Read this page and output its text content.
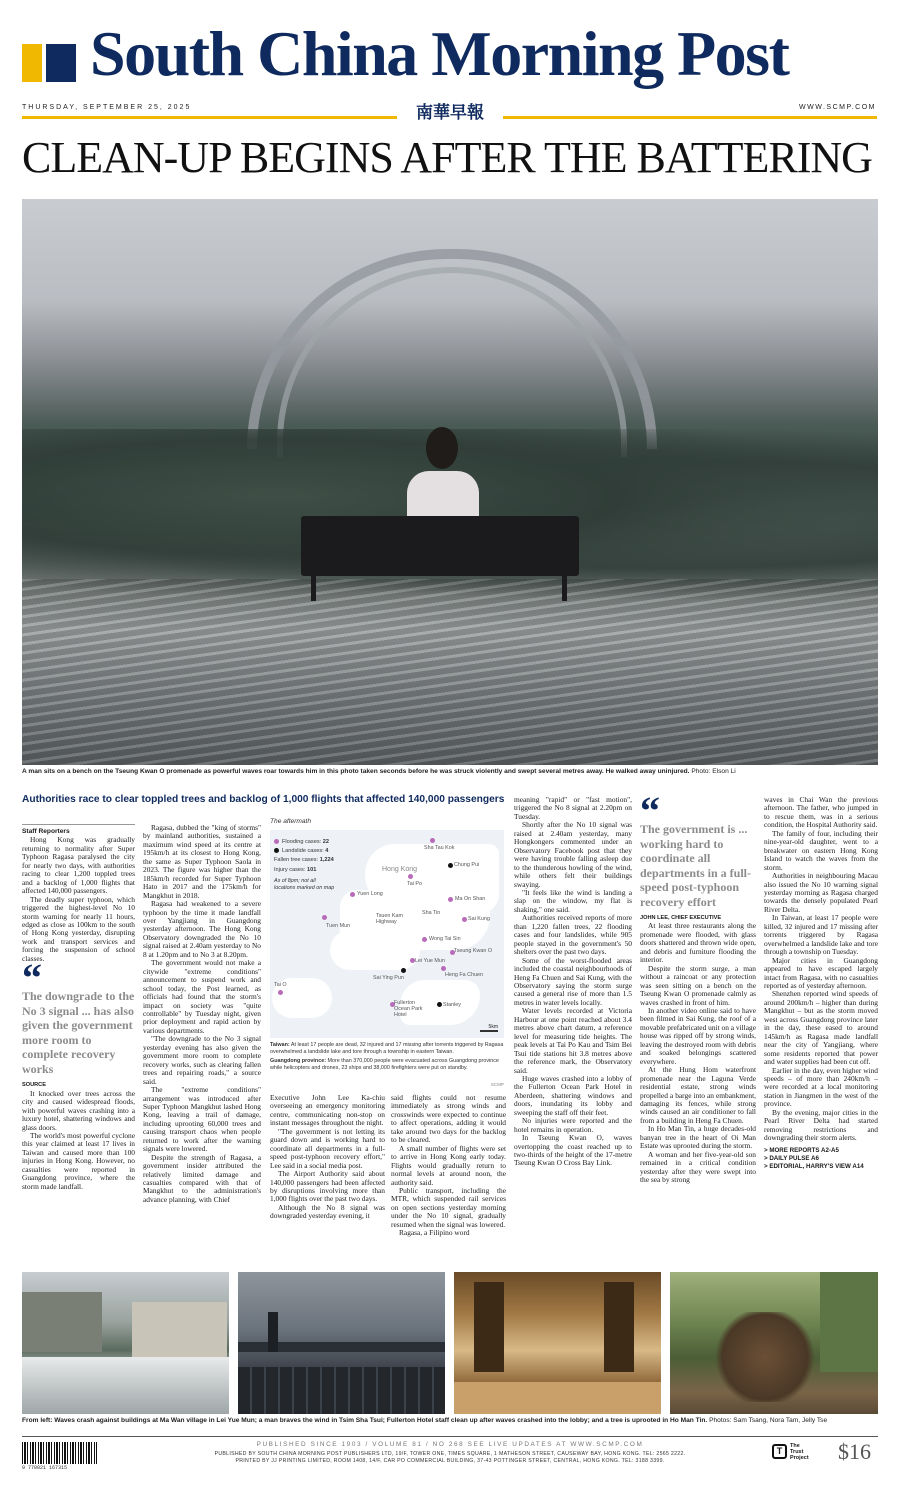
South China Morning Post
THURSDAY, SEPTEMBER 25, 2025	南華早報	WWW.SCMP.COM
CLEAN-UP BEGINS AFTER THE BATTERING
A man sits on a bench on the Tseung Kwan O promenade as powerful waves roar towards him in this photo taken seconds before he was struck violently and swept several metres away. He walked away uninjured. Photo: Elson Li
Authorities race to clear toppled trees and backlog of 1,000 flights that affected 140,000 passengers

Staff Reporters

Hong Kong was gradually returning to normality after Super Typhoon Ragasa paralysed the city for nearly two days, with authorities racing to clear 1,200 toppled trees and a backlog of 1,000 flights that affected 140,000 passengers.

The deadly super typhoon, which triggered the highest-level No 10 storm warning for nearly 11 hours, edged as close as 100km to the south of Hong Kong yesterday, disrupting work and transport services and forcing the suspension of school classes.

The downgrade to the No 3 signal ... has also given the government more room to complete recovery works

SOURCE

It knocked over trees across the city and caused widespread floods, with powerful waves crashing into a luxury hotel, shattering windows and glass doors.

The world's most powerful cyclone this year claimed at least 17 lives in Taiwan and caused more than 100 injuries in Hong Kong. However, no casualties were reported in Guangdong province, where the storm made landfall.

Ragasa, dubbed the "king of storms" by mainland authorities, sustained a maximum wind speed at its centre at 195km/h at its closest to Hong Kong, the same as Super Typhoon Saola in 2023. The figure was higher than the 185km/h recorded for Super Typhoon Hato in 2017 and the 175km/h for Mangkhut in 2018.

Ragasa had weakened to a severe typhoon by the time it made landfall over Yangjiang in Guangdong yesterday afternoon. The Hong Kong Observatory downgraded the No 10 signal raised at 2.40am yesterday to No 8 at 1.20pm and to No 3 at 8.20pm.

The government would not make a citywide "extreme conditions" announcement to suspend work and school today, the Post learned, as officials had found that the storm's impact on society was "quite controllable" by Tuesday night, given prior deployment and rapid action by various departments.

"The downgrade to the No 3 signal yesterday evening has also given the government more room to complete recovery works, such as clearing fallen trees and repairing roads," a source said.

The "extreme conditions" arrangement was introduced after Super Typhoon Mangkhut lashed Hong Kong, leaving a trail of damage, including uprooting 60,000 trees and causing transport chaos when people returned to work after the warning signals were lowered.

Despite the strength of Ragasa, a government insider attributed the relatively limited damage and casualties compared with that of Mangkhut to the administration's advance planning, with Chief

The aftermath
Flooding cases: 22
Landslide cases: 4
Fallen tree cases: 1,224
Injury cases: 101
As of 8pm; not all locations marked on map
Hong Kong
Sha Tau Kok
Chung Pui
Tai Po
Yuen Long
Ma On Shan
Tsuen Kam Highway
Tuen Mun
Sha Tin
Sai Kung
Wong Tai Sin
Tseung Kwan O
Lei Yue Mun
Heng Fa Chuen
Sai Ying Pun
Tai O
Fullerton Ocean Park Hotel
Stanley
5km
Taiwan: At least 17 people are dead, 32 injured and 17 missing after torrents triggered by Ragasa overwhelmed a landslide lake and tore through a township in eastern Taiwan.
Guangdong province: More than 370,000 people were evacuated across Guangdong province while helicopters and drones, 23 ships and 38,000 firefighters were put on standby.
SCMP

Executive John Lee Ka-chiu overseeing an emergency monitoring centre, communicating non-stop on instant messages throughout the night.

"The government is not letting its guard down and is working hard to coordinate all departments in a full-speed post-typhoon recovery effort," Lee said in a social media post.

The Airport Authority said about 140,000 passengers had been affected by disruptions involving more than 1,000 flights over the past two days.

Although the No 8 signal was downgraded yesterday evening, it

said flights could not resume immediately as strong winds and crosswinds were expected to continue to affect operations, adding it would take around two days for the backlog to be cleared.

A small number of flights were set to arrive in Hong Kong early today. Flights would gradually return to normal levels at around noon, the authority said.

Public transport, including the MTR, which suspended rail services on open sections yesterday morning under the No 10 signal, gradually resumed when the signal was lowered.

Ragasa, a Filipino word

meaning "rapid" or "fast motion", triggered the No 8 signal at 2.20pm on Tuesday.

Shortly after the No 10 signal was raised at 2.40am yesterday, many Hongkongers commented under an Observatory Facebook post that they were having trouble falling asleep due to the thunderous howling of the wind, while others felt their buildings swaying.

"It feels like the wind is landing a slap on the window, my flat is shaking," one said.

Authorities received reports of more than 1,220 fallen trees, 22 flooding cases and four landslides, while 905 people stayed in the government's 50 shelters over the past two days.

Some of the worst-flooded areas included the coastal neighbourhoods of Heng Fa Chuen and Sai Kung, with the Observatory saying the storm surge caused a general rise of more than 1.5 metres in water levels locally.

Water levels recorded at Victoria Harbour at one point reached about 3.4 metres above chart datum, a reference level for measuring tide heights. The peak levels at Tai Po Kau and Tsim Bei Tsui tide stations hit 3.8 metres above the reference mark, the Observatory said.

Huge waves crashed into a lobby of the Fullerton Ocean Park Hotel in Aberdeen, shattering windows and doors, inundating its lobby and sweeping the staff off their feet.

No injuries were reported and the hotel remains in operation.

In Tseung Kwan O, waves overtopping the coast reached up to two-thirds of the height of the 17-metre Tseung Kwan O Cross Bay Link.

The government is ... working hard to coordinate all departments in a full-speed post-typhoon recovery effort

JOHN LEE, CHIEF EXECUTIVE

At least three restaurants along the promenade were flooded, with glass doors shattered and thrown wide open, and debris and furniture flooding the interior.

Despite the storm surge, a man without a raincoat or any protection was seen sitting on a bench on the Tseung Kwan O promenade calmly as waves crashed in front of him.

In another video online said to have been filmed in Sai Kung, the roof of a movable prefabricated unit on a village house was ripped off by strong winds, leaving the destroyed room with debris and soaked belongings scattered everywhere.

At the Hung Hom waterfront promenade near the Laguna Verde residential estate, strong winds propelled a barge into an embankment, damaging its fences, while strong winds caused an air conditioner to fall from a building in Heng Fa Chuen.

In Ho Man Tin, a huge decades-old banyan tree in the heart of Oi Man Estate was uprooted during the storm.

A woman and her five-year-old son remained in a critical condition yesterday after they were swept into the sea by strong

waves in Chai Wan the previous afternoon. The father, who jumped in to rescue them, was in a serious condition, the Hospital Authority said.

The family of four, including their nine-year-old daughter, went to a breakwater on eastern Hong Kong Island to watch the waves from the storm.

Authorities in neighbouring Macau also issued the No 10 warning signal yesterday morning as Ragasa charged towards the densely populated Pearl River Delta.

In Taiwan, at least 17 people were killed, 32 injured and 17 missing after torrents triggered by Ragasa overwhelmed a landslide lake and tore through a township on Tuesday.

Major cities in Guangdong appeared to have escaped largely intact from Ragasa, with no casualties reported as of yesterday afternoon.

Shenzhen reported wind speeds of around 200km/h – higher than during Mangkhut – but as the storm moved west across Guangdong province later in the day, these eased to around 145km/h as Ragasa made landfall near the city of Yangjiang, where some residents reported that power and water supplies had been cut off.

Earlier in the day, even higher wind speeds – of more than 240km/h – were recorded at a local monitoring station in Jiangmen in the west of the province.

By the evening, major cities in the Pearl River Delta had started removing restrictions and downgrading their storm alerts.

> MORE REPORTS A2-A5
> DAILY PULSE A6
> EDITORIAL, HARRY'S VIEW A14
From left: Waves crash against buildings at Ma Wan village in Lei Yue Mun; a man braves the wind in Tsim Sha Tsui; Fullerton Hotel staff clean up after waves crashed into the lobby; and a tree is uprooted in Ho Man Tin. Photos: Sam Tsang, Nora Tam, Jelly Tse
9 770021 167315
PUBLISHED SINCE 1903 / VOLUME 81 / NO 268 SEE LIVE UPDATES AT WWW.SCMP.COM
PUBLISHED BY SOUTH CHINA MORNING POST PUBLISHERS LTD, 19/F, TOWER ONE, TIMES SQUARE, 1 MATHESON STREET, CAUSEWAY BAY, HONG KONG. TEL: 2565 2222.
PRINTED BY JJ PRINTING LIMITED, ROOM 1408, 14/F, CAR PO COMMERCIAL BUILDING, 37-43 POTTINGER STREET, CENTRAL, HONG KONG. TEL: 3188 3399.
T	The
Trust
Project $16
